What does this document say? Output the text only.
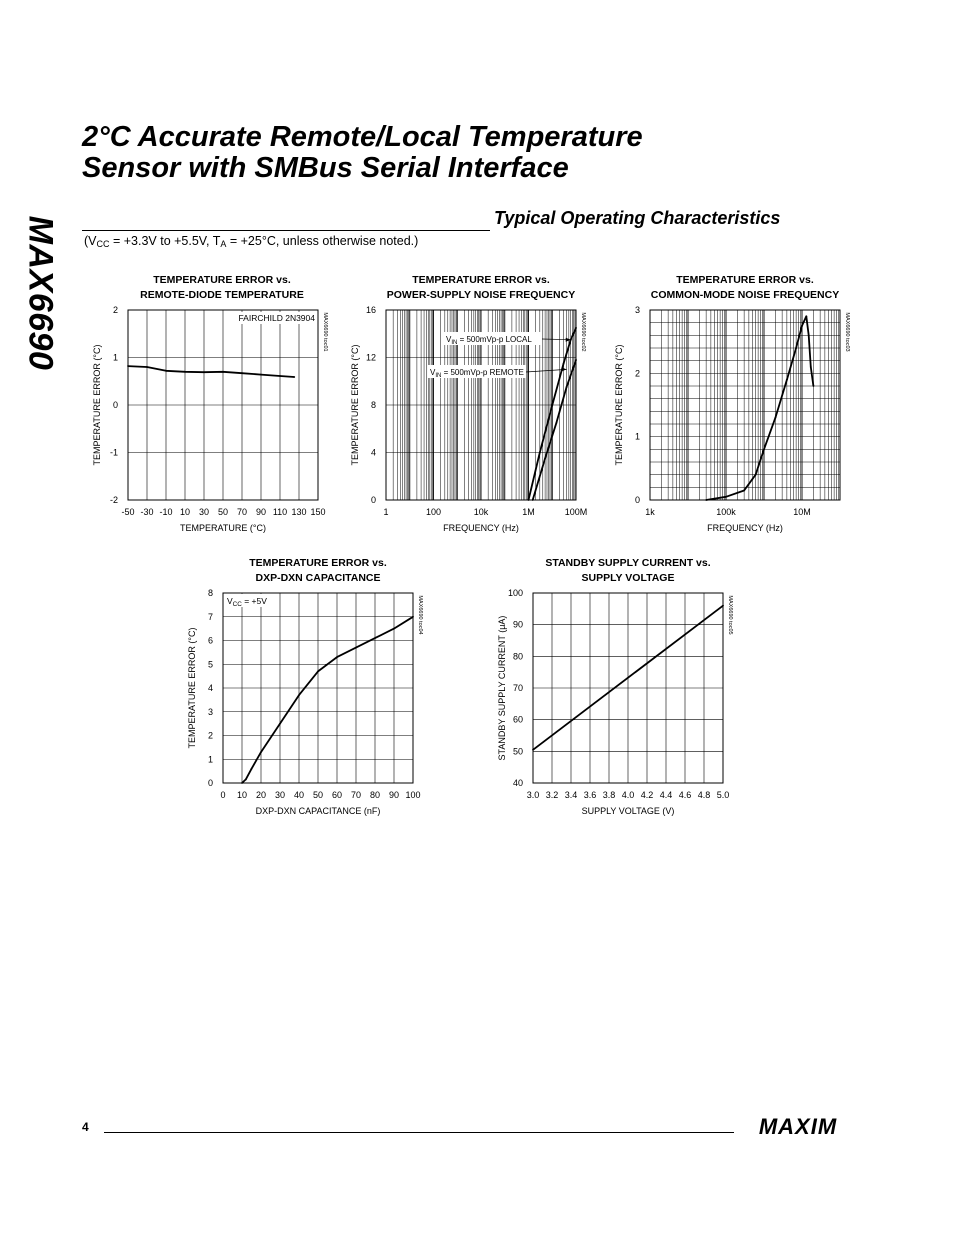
MAX6690
2°C Accurate Remote/Local Temperature
Sensor with SMBus Serial Interface
Typical Operating Characteristics
($V_{CC} = +3.3V$ to +5.5V, $T_A = +25^\circ C$, unless otherwise noted.)
TEMPERATURE ERROR vs.
REMOTE-DIODE TEMPERATURE
-50 -30 -10 10 30 50 70 90 110 130 150
-2
-1
0
1
2
TEMPERATURE (°C)
TEMPERATURE ERROR (°C)
MAX6690 toc01
FAIRCHILD 2N3904
TEMPERATURE ERROR vs.
POWER-SUPPLY NOISE FREQUENCY
1	100	10k	1M	100M
0
4
8
12
16
FREQUENCY (Hz)
TEMPERATURE ERROR (°C)
MAX6690 toc02
$V_{IN} = 500mVp-p$ LOCAL
$V_{IN} = 500mVp-p$ REMOTE
TEMPERATURE ERROR vs.
COMMON-MODE NOISE FREQUENCY
1k	100k	10M
0
1
2
3
FREQUENCY (Hz)
TEMPERATURE ERROR (°C)
MAX6690 toc03
TEMPERATURE ERROR vs.
DXP-DXN CAPACITANCE
0 10 20 30 40 50 60 70 80 90 100
0
1
2
3
4
5
6
7
8
DXP-DXN CAPACITANCE (nF)
TEMPERATURE ERROR (°C)
MAX6690 toc04
$V_{CC} = +5V$
STANDBY SUPPLY CURRENT vs.
SUPPLY VOLTAGE
3.0 3.2 3.4 3.6 3.8 4.0 4.2 4.4 4.6 4.8 5.0
40
50
60
70
80
90
100
SUPPLY VOLTAGE (V)
STANDBY SUPPLY CURRENT (μA)
MAX6690 toc05
4	MAXIM
